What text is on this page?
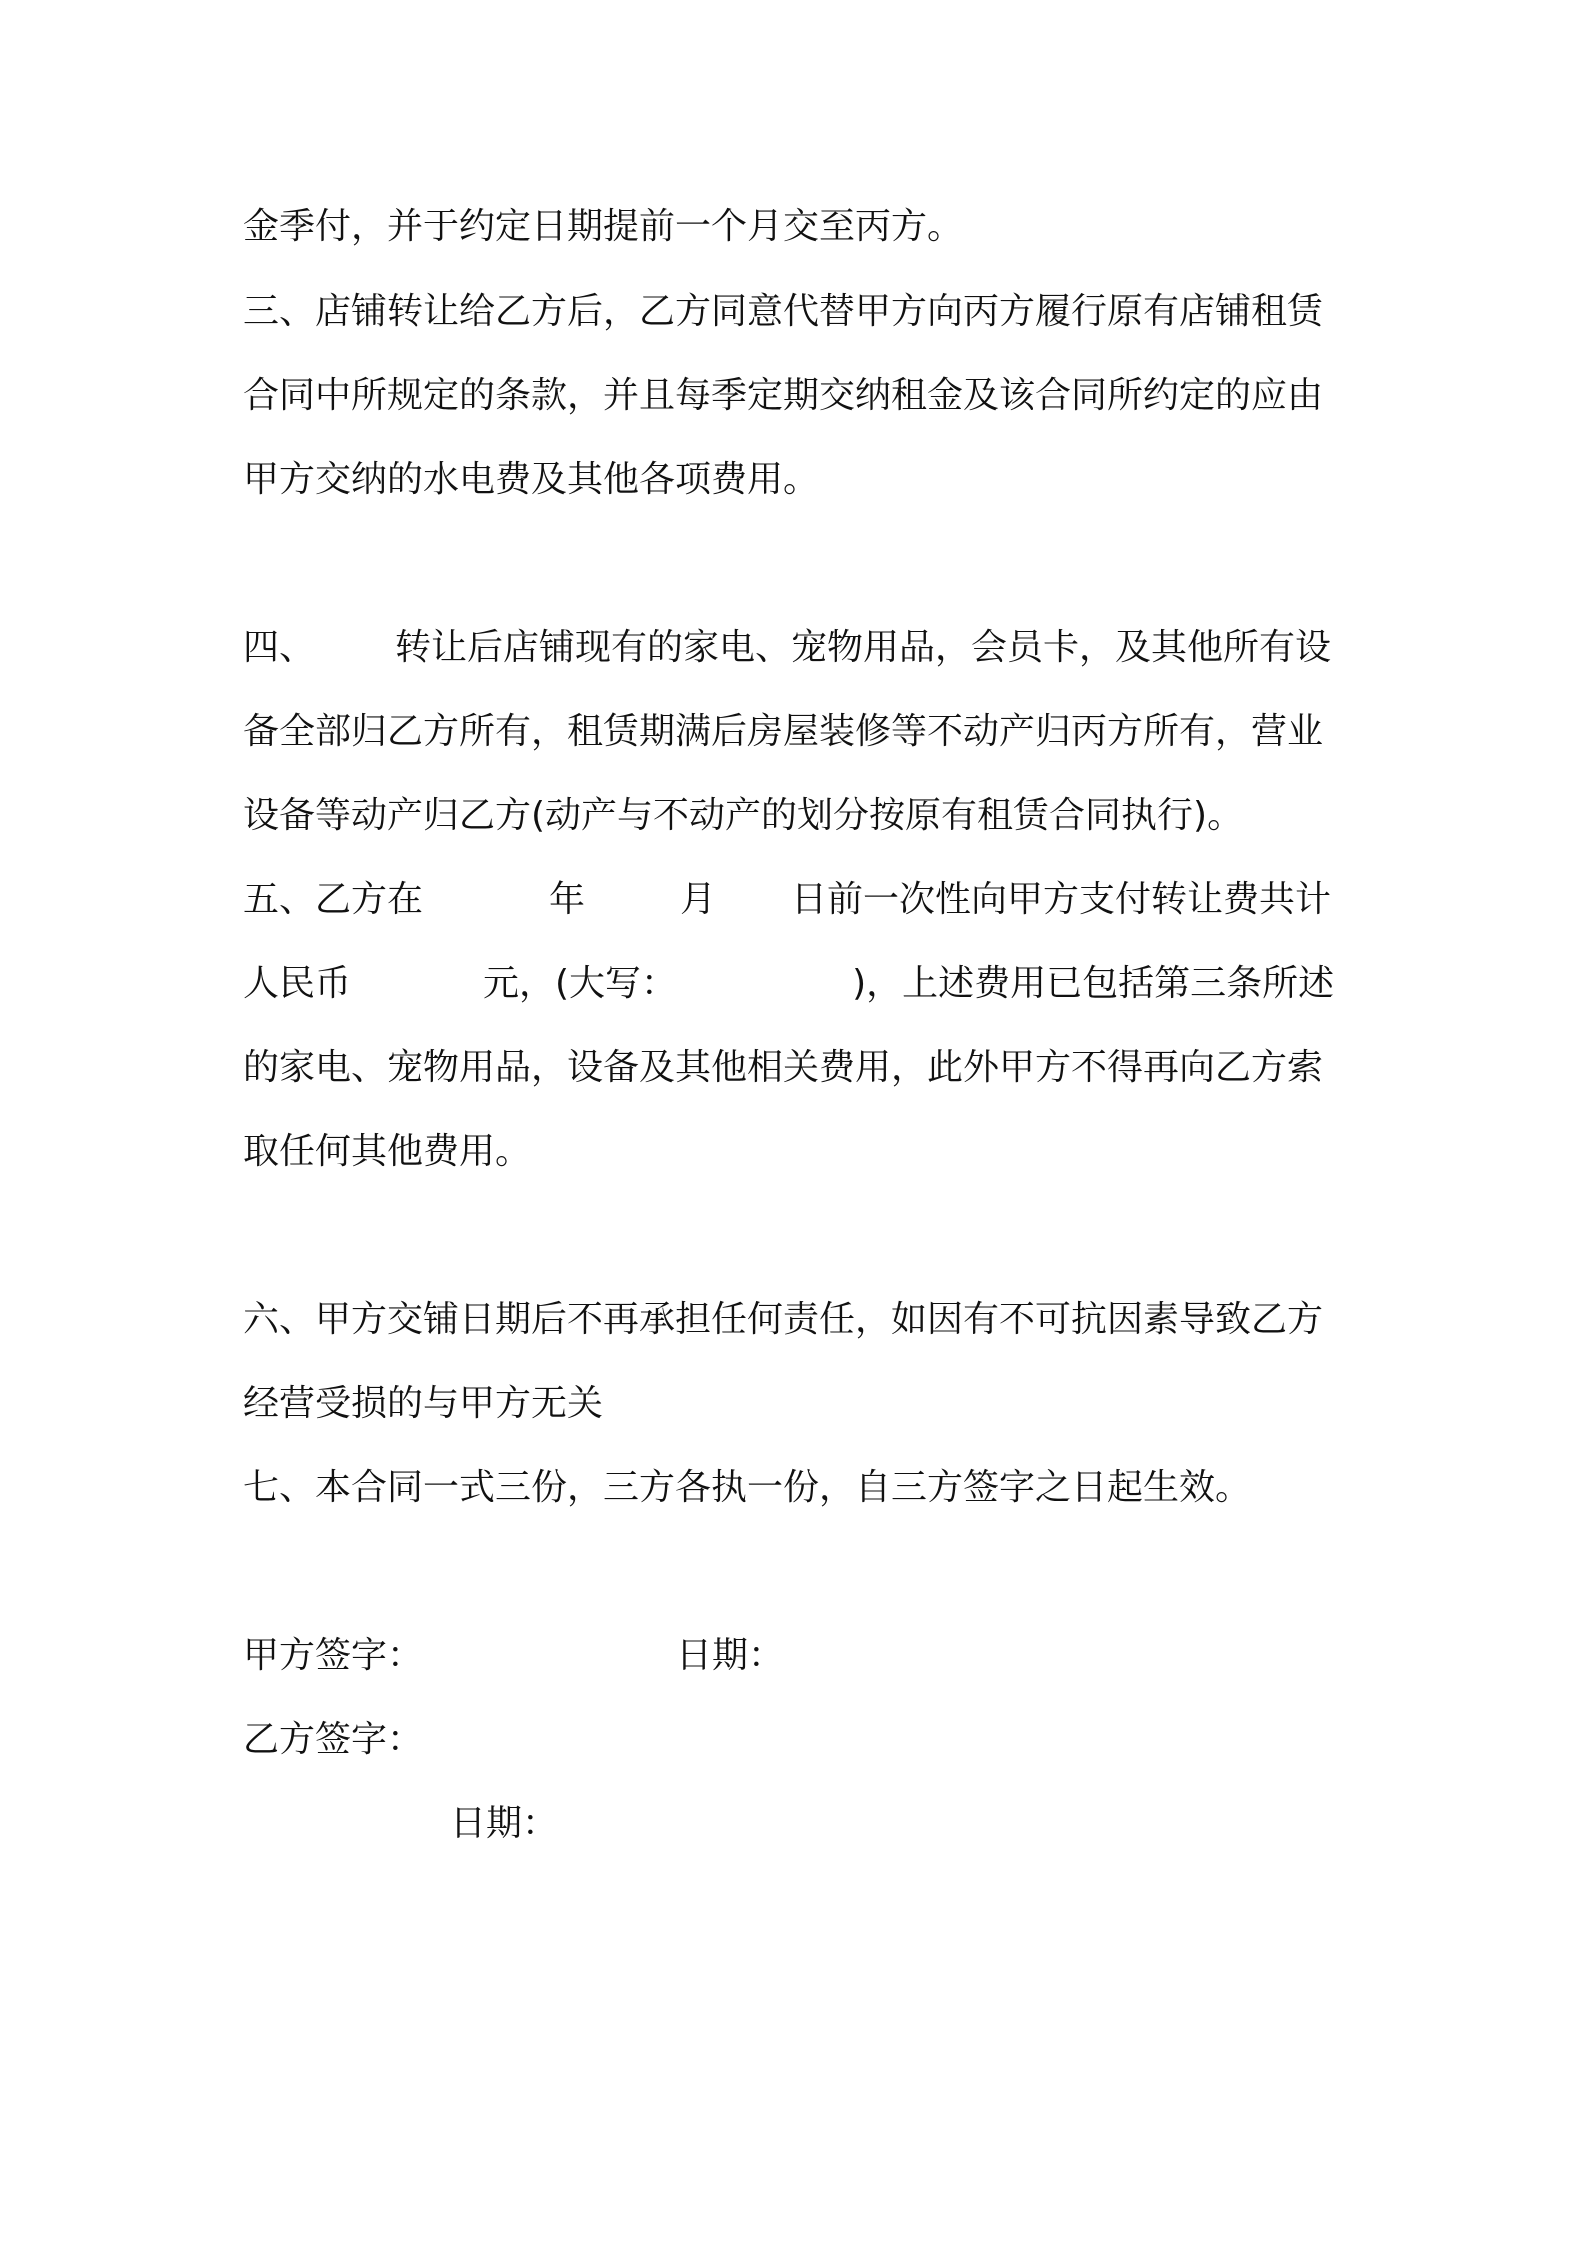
金季付，并于约定日期提前一个月交至丙方。

三、店铺转让给乙方后，乙方同意代替甲方向丙方履行原有店铺租赁

合同中所规定的条款，并且每季定期交纳租金及该合同所约定的应由

甲方交纳的水电费及其他各项费用。

四、 转让后店铺现有的家电、宠物用品，会员卡，及其他所有设

备全部归乙方所有，租赁期满后房屋装修等不动产归丙方所有，营业

设备等动产归乙方(动产与不动产的划分按原有租赁合同执行)。

五、乙方在	年	月 日前一次性向甲方支付转让费共计

人民币	元，(大写：	)，上述费用已包括第三条所述

的家电、宠物用品，设备及其他相关费用，此外甲方不得再向乙方索

取任何其他费用。

六、甲方交铺日期后不再承担任何责任，如因有不可抗因素导致乙方

经营受损的与甲方无关

七、本合同一式三份，三方各执一份，自三方签字之日起生效。

甲方签字：	日期：

乙方签字：

日期：
